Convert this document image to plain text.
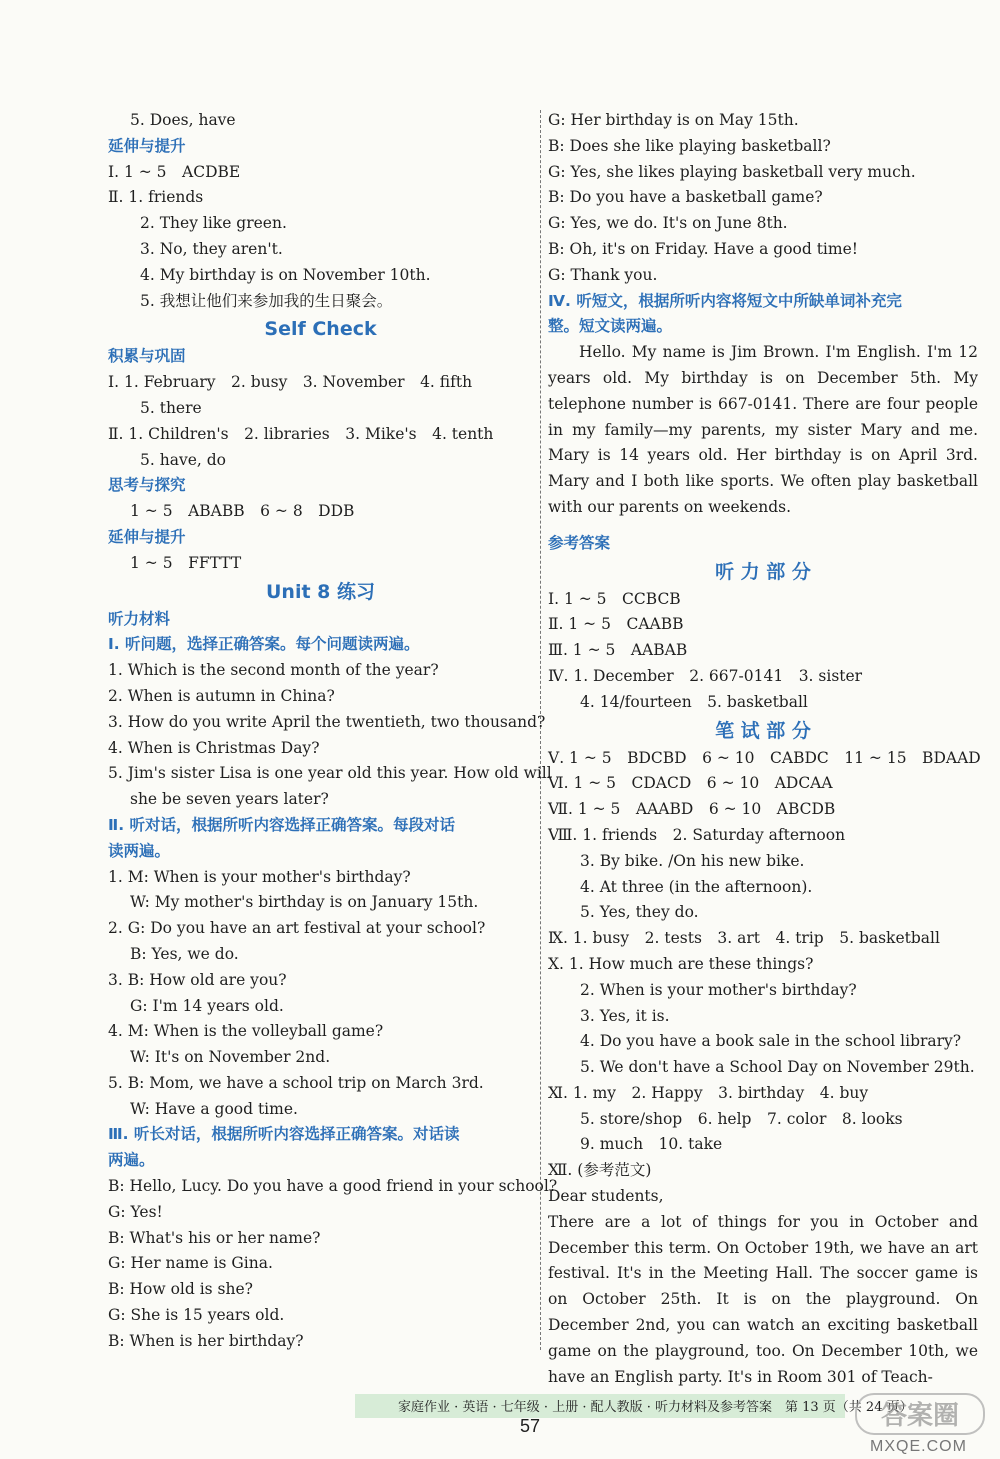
5. Does, have
延伸与提升
Ⅰ. 1 ~ 5　ACDBE
Ⅱ. 1. friends
2. They like green.
3. No, they aren't.
4. My birthday is on November 10th.
5. 我想让他们来参加我的生日聚会。
Self Check
积累与巩固
Ⅰ. 1. February　2. busy　3. November　4. fifth
5. there
Ⅱ. 1. Children's　2. libraries　3. Mike's　4. tenth
5. have, do
思考与探究
1 ~ 5　ABABB　6 ~ 8　DDB
延伸与提升
1 ~ 5　FFTTT
Unit 8 练习
听力材料
Ⅰ. 听问题，选择正确答案。每个问题读两遍。
1. Which is the second month of the year?
2. When is autumn in China?
3. How do you write April the twentieth, two thousand?
4. When is Christmas Day?
5. Jim's sister Lisa is one year old this year. How old will
she be seven years later?
Ⅱ. 听对话，根据所听内容选择正确答案。每段对话
读两遍。
1. M: When is your mother's birthday?
W: My mother's birthday is on January 15th.
2. G: Do you have an art festival at your school?
B: Yes, we do.
3. B: How old are you?
G: I'm 14 years old.
4. M: When is the volleyball game?
W: It's on November 2nd.
5. B: Mom, we have a school trip on March 3rd.
W: Have a good time.
Ⅲ. 听长对话，根据所听内容选择正确答案。对话读
两遍。
B: Hello, Lucy. Do you have a good friend in your school?
G: Yes!
B: What's his or her name?
G: Her name is Gina.
B: How old is she?
G: She is 15 years old.
B: When is her birthday?
G: Her birthday is on May 15th.
B: Does she like playing basketball?
G: Yes, she likes playing basketball very much.
B: Do you have a basketball game?
G: Yes, we do. It's on June 8th.
B: Oh, it's on Friday. Have a good time!
G: Thank you.
Ⅳ. 听短文，根据所听内容将短文中所缺单词补充完
整。短文读两遍。
Hello. My name is Jim Brown. I'm English. I'm 12 years old. My birthday is on December 5th. My telephone number is 667-0141. There are four people in my family—my parents, my sister Mary and me. Mary is 14 years old. Her birthday is on April 3rd. Mary and I both like sports. We often play basketball with our parents on weekends.
参考答案
听 力 部 分
Ⅰ. 1 ~ 5　CCBCB
Ⅱ. 1 ~ 5　CAABB
Ⅲ. 1 ~ 5　AABAB
Ⅳ. 1. December　2. 667-0141　3. sister
4. 14/fourteen　5. basketball
笔 试 部 分
Ⅴ. 1 ~ 5　BDCBD　6 ~ 10　CABDC　11 ~ 15　BDAAD
Ⅵ. 1 ~ 5　CDACD　6 ~ 10　ADCAA
Ⅶ. 1 ~ 5　AAABD　6 ~ 10　ABCDB
Ⅷ. 1. friends　2. Saturday afternoon
3. By bike. /On his new bike.
4. At three (in the afternoon).
5. Yes, they do.
Ⅸ. 1. busy　2. tests　3. art　4. trip　5. basketball
Ⅹ. 1. How much are these things?
2. When is your mother's birthday?
3. Yes, it is.
4. Do you have a book sale in the school library?
5. We don't have a School Day on November 29th.
Ⅺ. 1. my　2. Happy　3. birthday　4. buy
5. store/shop　6. help　7. color　8. looks
9. much　10. take
Ⅻ. (参考范文)
Dear students,
There are a lot of things for you in October and December this term. On October 19th, we have an art festival. It's in the Meeting Hall. The soccer game is on October 25th. It is on the playground. On December 2nd, you can watch an exciting basketball game on the playground, too. On December 10th, we have an English party. It's in Room 301 of Teach-
家庭作业 · 英语 · 七年级 · 上册 · 配人教版 · 听力材料及参考答案　第 13 页（共 24 页）
57	答案圈
MXQE.COM
